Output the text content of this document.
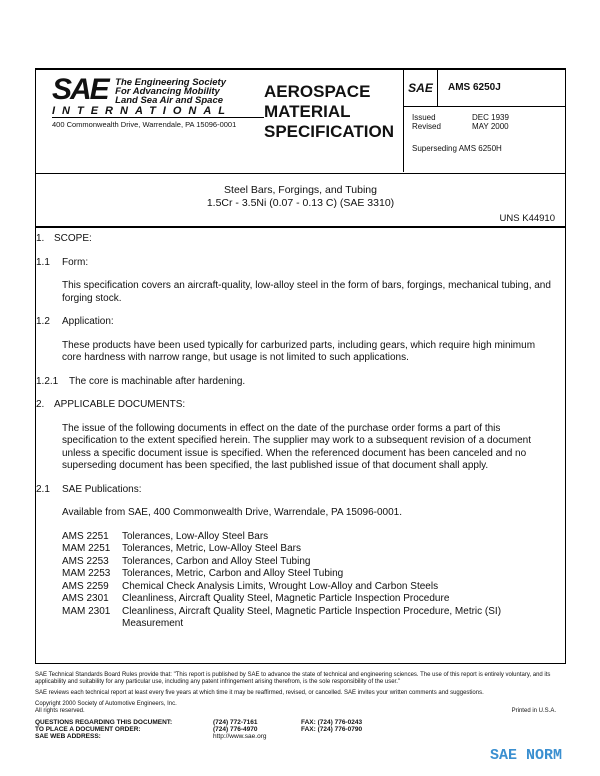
SAE The Engineering Society
For Advancing Mobility
Land Sea Air and Space
INTERNATIONAL
400 Commonwealth Drive, Warrendale, PA 15096-0001
AEROSPACE
MATERIAL
SPECIFICATION
SAE	AMS 6250J
Issued	DEC 1939
Revised	MAY 2000
Superseding AMS 6250H
Steel Bars, Forgings, and Tubing
1.5Cr - 3.5Ni (0.07 - 0.13 C) (SAE 3310)
UNS K44910
1. SCOPE:
1.1 Form:
This specification covers an aircraft-quality, low-alloy steel in the form of bars, forgings, mechanical tubing, and forging stock.
1.2 Application:
These products have been used typically for carburized parts, including gears, which require high minimum core hardness with narrow range, but usage is not limited to such applications.
1.2.1 The core is machinable after hardening.
2. APPLICABLE DOCUMENTS:
The issue of the following documents in effect on the date of the purchase order forms a part of this specification to the extent specified herein. The supplier may work to a subsequent revision of a document unless a specific document issue is specified. When the referenced document has been canceled and no superseding document has been specified, the last published issue of that document shall apply.
2.1 SAE Publications:
Available from SAE, 400 Commonwealth Drive, Warrendale, PA 15096-0001.
AMS 2251	Tolerances, Low-Alloy Steel Bars
MAM 2251	Tolerances, Metric, Low-Alloy Steel Bars
AMS 2253	Tolerances, Carbon and Alloy Steel Tubing
MAM 2253	Tolerances, Metric, Carbon and Alloy Steel Tubing
AMS 2259	Chemical Check Analysis Limits, Wrought Low-Alloy and Carbon Steels
AMS 2301	Cleanliness, Aircraft Quality Steel, Magnetic Particle Inspection Procedure
MAM 2301	Cleanliness, Aircraft Quality Steel, Magnetic Particle Inspection Procedure, Metric (SI) Measurement

SAE Technical Standards Board Rules provide that: "This report is published by SAE to advance the state of technical and engineering sciences. The use of this report is entirely voluntary, and its applicability and suitability for any particular use, including any patent infringement arising therefrom, is the sole responsibility of the user."

SAE reviews each technical report at least every five years at which time it may be reaffirmed, revised, or cancelled. SAE invites your written comments and suggestions.

Copyright 2000 Society of Automotive Engineers, Inc.
All rights reserved.	Printed in U.S.A.
QUESTIONS REGARDING THIS DOCUMENT:	(724) 772-7161	FAX: (724) 776-0243
TO PLACE A DOCUMENT ORDER:	(724) 776-4970	FAX: (724) 776-0790
SAE WEB ADDRESS:	http://www.sae.org
SAE NORM
